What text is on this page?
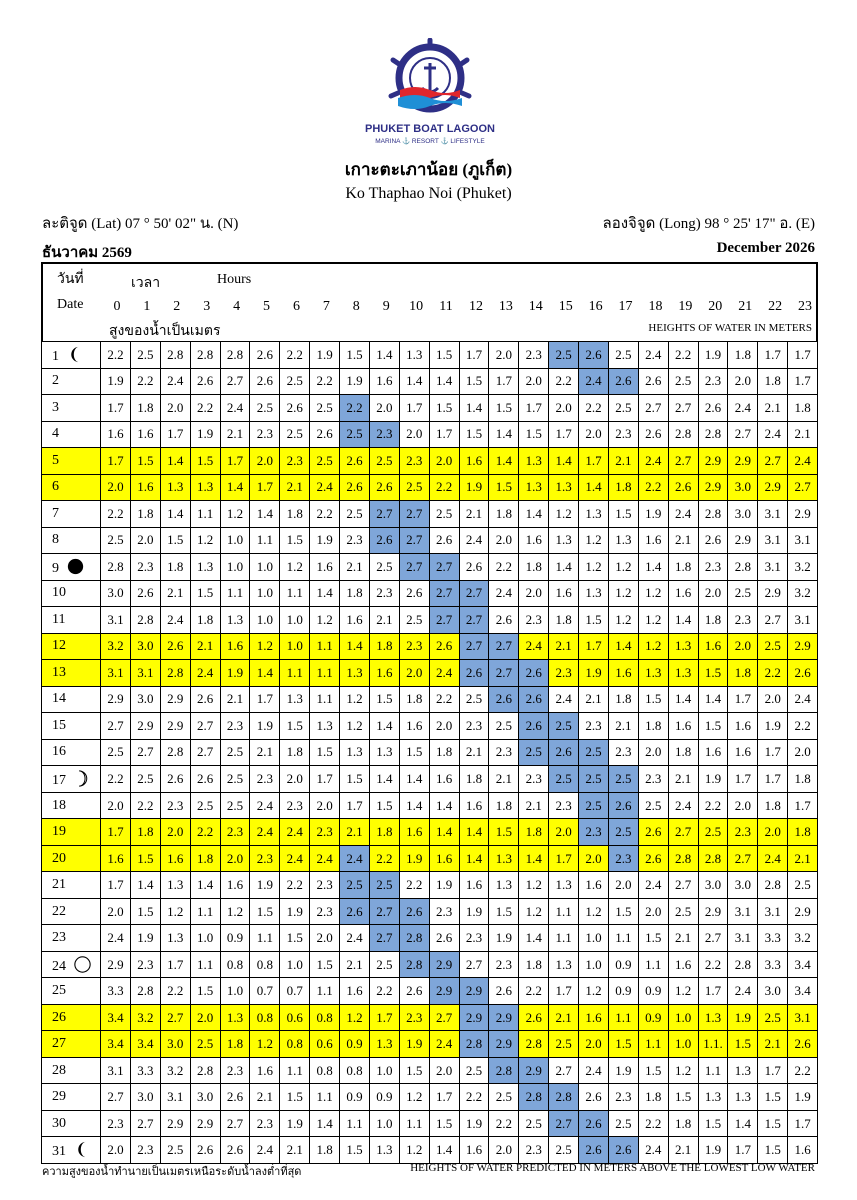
PHUKET BOAT LAGOON
MARINA ⚓ RESORT ⚓ LIFESTYLE
เกาะตะเภาน้อย (ภูเก็ต)
Ko Thaphao Noi (Phuket)
ละติจูด (Lat) 07 ° 50' 02" น. (N)	ลองจิจูด (Long) 98 ° 25' 17" อ. (E)
ธันวาคม 2569	December 2026
วันที่
Date
เวลา	Hours
สูงของน้ำเป็นเมตร	HEIGHTS OF WATER IN METERS
0	1	2	3	4	5	6	7	8	9	10	11	12	13	14	15	16	17	18	19	20	21	22	23
1	2.2	2.5	2.8	2.8	2.8	2.6	2.2	1.9	1.5	1.4	1.3	1.5	1.7	2.0	2.3	2.5	2.6	2.5	2.4	2.2	1.9	1.8	1.7	1.7
2	1.9	2.2	2.4	2.6	2.7	2.6	2.5	2.2	1.9	1.6	1.4	1.4	1.5	1.7	2.0	2.2	2.4	2.6	2.6	2.5	2.3	2.0	1.8	1.7
3	1.7	1.8	2.0	2.2	2.4	2.5	2.6	2.5	2.2	2.0	1.7	1.5	1.4	1.5	1.7	2.0	2.2	2.5	2.7	2.7	2.6	2.4	2.1	1.8
4	1.6	1.6	1.7	1.9	2.1	2.3	2.5	2.6	2.5	2.3	2.0	1.7	1.5	1.4	1.5	1.7	2.0	2.3	2.6	2.8	2.8	2.7	2.4	2.1
5	1.7	1.5	1.4	1.5	1.7	2.0	2.3	2.5	2.6	2.5	2.3	2.0	1.6	1.4	1.3	1.4	1.7	2.1	2.4	2.7	2.9	2.9	2.7	2.4
6	2.0	1.6	1.3	1.3	1.4	1.7	2.1	2.4	2.6	2.6	2.5	2.2	1.9	1.5	1.3	1.3	1.4	1.8	2.2	2.6	2.9	3.0	2.9	2.7
7	2.2	1.8	1.4	1.1	1.2	1.4	1.8	2.2	2.5	2.7	2.7	2.5	2.1	1.8	1.4	1.2	1.3	1.5	1.9	2.4	2.8	3.0	3.1	2.9
8	2.5	2.0	1.5	1.2	1.0	1.1	1.5	1.9	2.3	2.6	2.7	2.6	2.4	2.0	1.6	1.3	1.2	1.3	1.6	2.1	2.6	2.9	3.1	3.1
9	2.8	2.3	1.8	1.3	1.0	1.0	1.2	1.6	2.1	2.5	2.7	2.7	2.6	2.2	1.8	1.4	1.2	1.2	1.4	1.8	2.3	2.8	3.1	3.2
10	3.0	2.6	2.1	1.5	1.1	1.0	1.1	1.4	1.8	2.3	2.6	2.7	2.7	2.4	2.0	1.6	1.3	1.2	1.2	1.6	2.0	2.5	2.9	3.2
11	3.1	2.8	2.4	1.8	1.3	1.0	1.0	1.2	1.6	2.1	2.5	2.7	2.7	2.6	2.3	1.8	1.5	1.2	1.2	1.4	1.8	2.3	2.7	3.1
12	3.2	3.0	2.6	2.1	1.6	1.2	1.0	1.1	1.4	1.8	2.3	2.6	2.7	2.7	2.4	2.1	1.7	1.4	1.2	1.3	1.6	2.0	2.5	2.9
13	3.1	3.1	2.8	2.4	1.9	1.4	1.1	1.1	1.3	1.6	2.0	2.4	2.6	2.7	2.6	2.3	1.9	1.6	1.3	1.3	1.5	1.8	2.2	2.6
14	2.9	3.0	2.9	2.6	2.1	1.7	1.3	1.1	1.2	1.5	1.8	2.2	2.5	2.6	2.6	2.4	2.1	1.8	1.5	1.4	1.4	1.7	2.0	2.4
15	2.7	2.9	2.9	2.7	2.3	1.9	1.5	1.3	1.2	1.4	1.6	2.0	2.3	2.5	2.6	2.5	2.3	2.1	1.8	1.6	1.5	1.6	1.9	2.2
16	2.5	2.7	2.8	2.7	2.5	2.1	1.8	1.5	1.3	1.3	1.5	1.8	2.1	2.3	2.5	2.6	2.5	2.3	2.0	1.8	1.6	1.6	1.7	2.0
17	2.2	2.5	2.6	2.6	2.5	2.3	2.0	1.7	1.5	1.4	1.4	1.6	1.8	2.1	2.3	2.5	2.5	2.5	2.3	2.1	1.9	1.7	1.7	1.8
18	2.0	2.2	2.3	2.5	2.5	2.4	2.3	2.0	1.7	1.5	1.4	1.4	1.6	1.8	2.1	2.3	2.5	2.6	2.5	2.4	2.2	2.0	1.8	1.7
19	1.7	1.8	2.0	2.2	2.3	2.4	2.4	2.3	2.1	1.8	1.6	1.4	1.4	1.5	1.8	2.0	2.3	2.5	2.6	2.7	2.5	2.3	2.0	1.8
20	1.6	1.5	1.6	1.8	2.0	2.3	2.4	2.4	2.4	2.2	1.9	1.6	1.4	1.3	1.4	1.7	2.0	2.3	2.6	2.8	2.8	2.7	2.4	2.1
21	1.7	1.4	1.3	1.4	1.6	1.9	2.2	2.3	2.5	2.5	2.2	1.9	1.6	1.3	1.2	1.3	1.6	2.0	2.4	2.7	3.0	3.0	2.8	2.5
22	2.0	1.5	1.2	1.1	1.2	1.5	1.9	2.3	2.6	2.7	2.6	2.3	1.9	1.5	1.2	1.1	1.2	1.5	2.0	2.5	2.9	3.1	3.1	2.9
23	2.4	1.9	1.3	1.0	0.9	1.1	1.5	2.0	2.4	2.7	2.8	2.6	2.3	1.9	1.4	1.1	1.0	1.1	1.5	2.1	2.7	3.1	3.3	3.2
24	2.9	2.3	1.7	1.1	0.8	0.8	1.0	1.5	2.1	2.5	2.8	2.9	2.7	2.3	1.8	1.3	1.0	0.9	1.1	1.6	2.2	2.8	3.3	3.4
25	3.3	2.8	2.2	1.5	1.0	0.7	0.7	1.1	1.6	2.2	2.6	2.9	2.9	2.6	2.2	1.7	1.2	0.9	0.9	1.2	1.7	2.4	3.0	3.4
26	3.4	3.2	2.7	2.0	1.3	0.8	0.6	0.8	1.2	1.7	2.3	2.7	2.9	2.9	2.6	2.1	1.6	1.1	0.9	1.0	1.3	1.9	2.5	3.1
27	3.4	3.4	3.0	2.5	1.8	1.2	0.8	0.6	0.9	1.3	1.9	2.4	2.8	2.9	2.8	2.5	2.0	1.5	1.1	1.0	1.1.	1.5	2.1	2.6
28	3.1	3.3	3.2	2.8	2.3	1.6	1.1	0.8	0.8	1.0	1.5	2.0	2.5	2.8	2.9	2.7	2.4	1.9	1.5	1.2	1.1	1.3	1.7	2.2
29	2.7	3.0	3.1	3.0	2.6	2.1	1.5	1.1	0.9	0.9	1.2	1.7	2.2	2.5	2.8	2.8	2.6	2.3	1.8	1.5	1.3	1.3	1.5	1.9
30	2.3	2.7	2.9	2.9	2.7	2.3	1.9	1.4	1.1	1.0	1.1	1.5	1.9	2.2	2.5	2.7	2.6	2.5	2.2	1.8	1.5	1.4	1.5	1.7
31	2.0	2.3	2.5	2.6	2.6	2.4	2.1	1.8	1.5	1.3	1.2	1.4	1.6	2.0	2.3	2.5	2.6	2.6	2.4	2.1	1.9	1.7	1.5	1.6
ความสูงของน้ำทำนายเป็นเมตรเหนือระดับน้ำลงต่ำที่สุด	HEIGHTS OF WATER PREDICTED IN METERS ABOVE THE LOWEST LOW WATER
